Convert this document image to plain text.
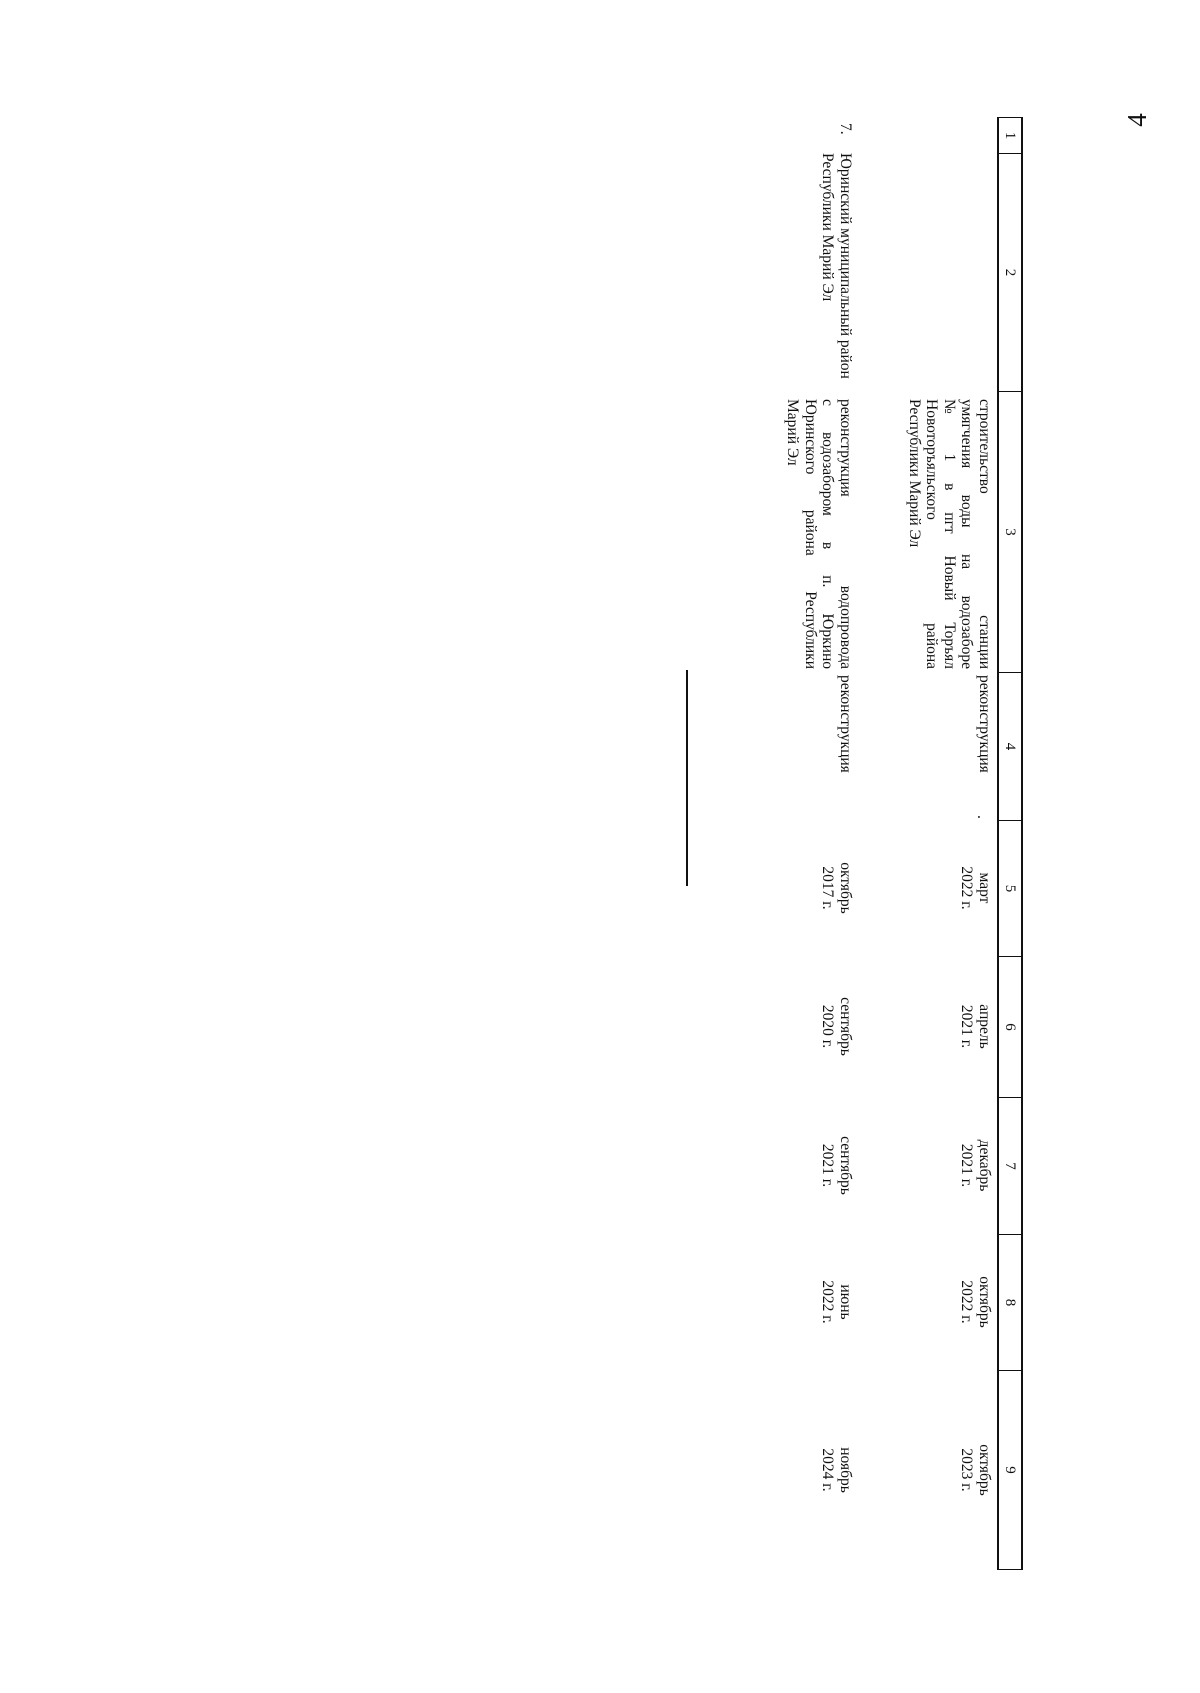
4
1
2
3
4
5
6
7
8
9
строительство станции
умягчения воды на водозаборе
№ 1 в пгт Новый Торъял
Новоторъяльского района
Республики Марий Эл
реконструкция
.
март
2022 г.
апрель
2021 г.
декабрь
2021 г.
октябрь
2022 г.
октябрь
2023 г.
7.
Юринский муниципальный район Республики Марий Эл
реконструкция водопровода
с водозабором в п. Юркино
Юринского района Республики
Марий Эл
реконструкция
октябрь
2017 г.
сентябрь
2020 г.
сентябрь
2021 г.
июнь
2022 г.
ноябрь
2024 г.
